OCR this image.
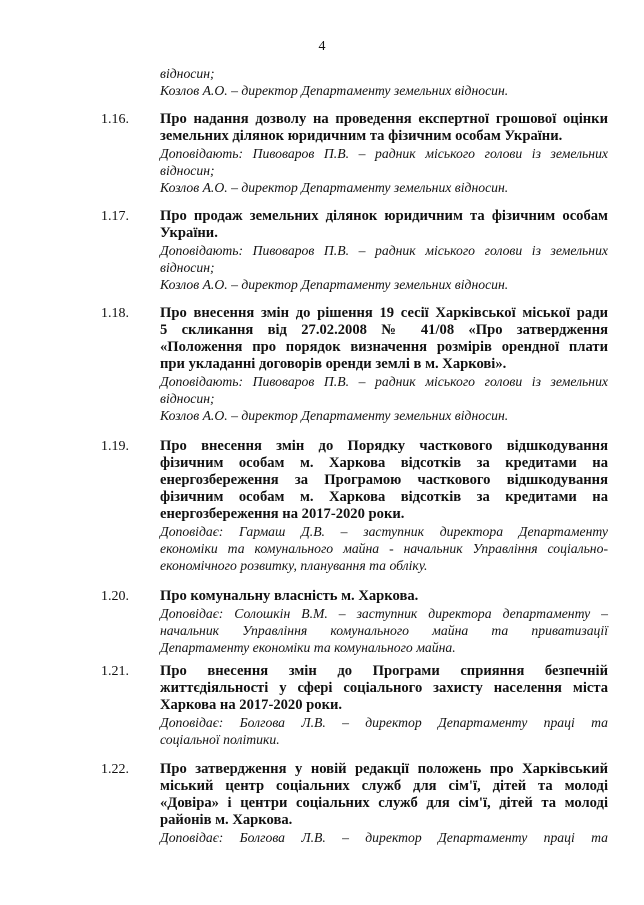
4

відносин;
Козлов А.О. – директор Департаменту земельних відносин.

1.16. Про надання дозволу на проведення експертної грошової оцінки
земельних ділянок юридичним та фізичним особам України.

Доповідають: Пивоваров П.В. – радник міського голови із земельних
відносин;
Козлов А.О. – директор Департаменту земельних відносин.

1.17. Про продаж земельних ділянок юридичним та фізичним особам
України.

Доповідають: Пивоваров П.В. – радник міського голови із земельних
відносин;
Козлов А.О. – директор Департаменту земельних відносин.

1.18. Про внесення змін до рішення 19 сесії Харківської міської ради
5 скликання від 27.02.2008 № 41/08 «Про затвердження
«Положення про порядок визначення розмірів орендної плати
при укладанні договорів оренди землі в м. Харкові».

Доповідають: Пивоваров П.В. – радник міського голови із земельних
відносин;
Козлов А.О. – директор Департаменту земельних відносин.

1.19. Про внесення змін до Порядку часткового відшкодування
фізичним особам м. Харкова відсотків за кредитами на
енергозбереження за Програмою часткового відшкодування
фізичним особам м. Харкова відсотків за кредитами на
енергозбереження на 2017-2020 роки.

Доповідає: Гармаш Д.В. – заступник директора Департаменту
економіки та комунального майна - начальник Управління соціально-
економічного розвитку, планування та обліку.

1.20. Про комунальну власність м. Харкова.

Доповідає: Солошкін В.М. – заступник директора департаменту –
начальник Управління комунального майна та приватизації
Департаменту економіки та комунального майна.

1.21. Про внесення змін до Програми сприяння безпечній
життєдіяльності у сфері соціального захисту населення міста
Харкова на 2017-2020 роки.

Доповідає: Болгова Л.В. – директор Департаменту праці та
соціальної політики.

1.22. Про затвердження у новій редакції положень про Харківський
міський центр соціальних служб для сім'ї, дітей та молоді
«Довіра» і центри соціальних служб для сім'ї, дітей та молоді
районів м. Харкова.

Доповідає: Болгова Л.В. – директор Департаменту праці та
